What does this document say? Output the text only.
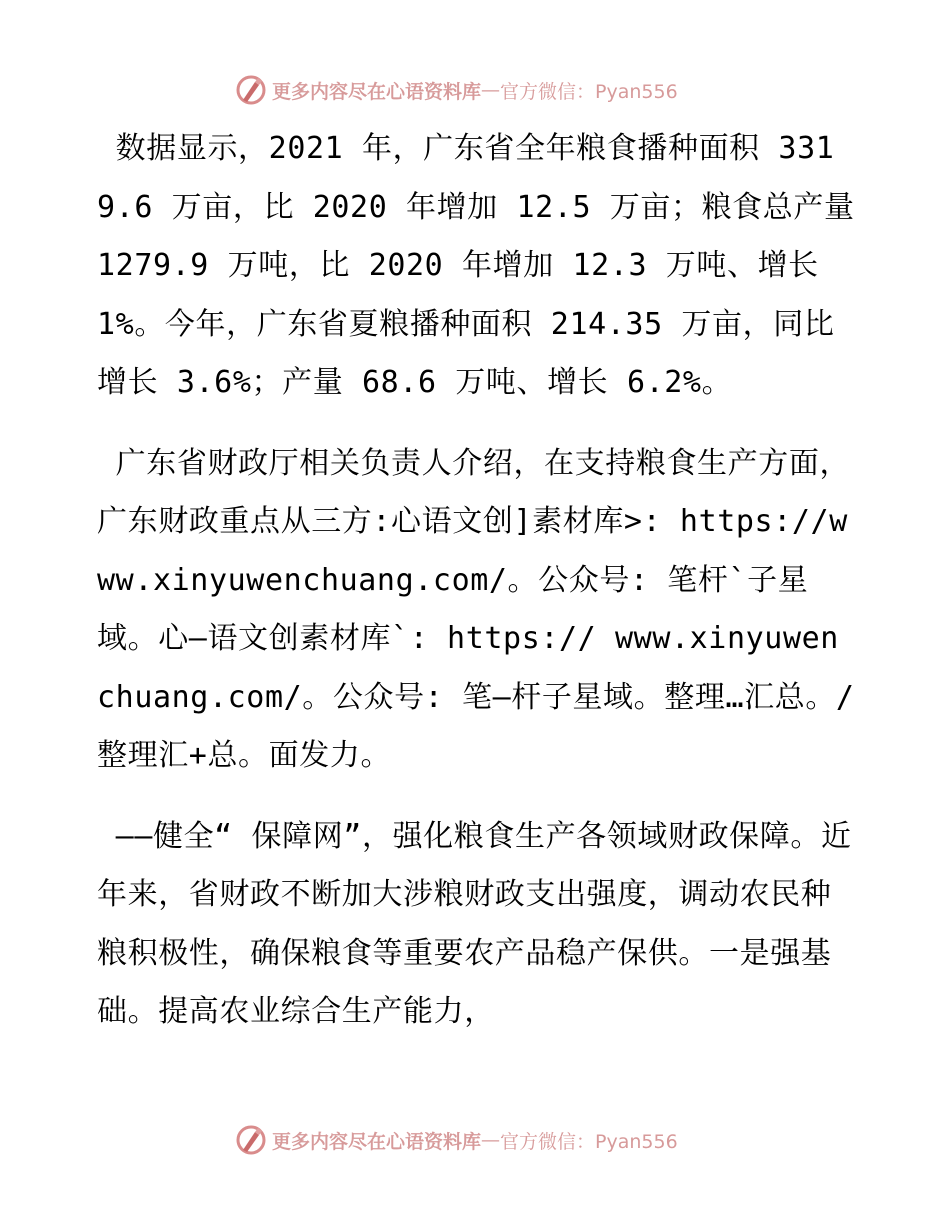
更多内容尽在心语资料库 — 官方微信：Pyan556

数据显示，2021 年，广东省全年粮食播种面积 3319.6 万亩，比 2020 年增加 12.5 万亩；粮食总产量 1279.9 万吨，比 2020 年增加 12.3 万吨、增长 1%。今年，广东省夏粮播种面积 214.35 万亩，同比增长 3.6%；产量 68.6 万吨、增长 6.2%。

广东省财政厅相关负责人介绍，在支持粮食生产方面，广东财政重点从三方:心语文创]素材库>: https://www.xinyuwenchuang.com/。公众号: 笔杆`子星域。心—语文创素材库`: https:// www.xinyuwenchuang.com/。公众号: 笔—杆子星域。整理…汇总。/整理汇+总。面发力。

——健全“ 保障网”，强化粮食生产各领域财政保障。近年来，省财政不断加大涉粮财政支出强度，调动农民种粮积极性，确保粮食等重要农产品稳产保供。一是强基础。提高农业综合生产能力，

更多内容尽在心语资料库 — 官方微信：Pyan556
